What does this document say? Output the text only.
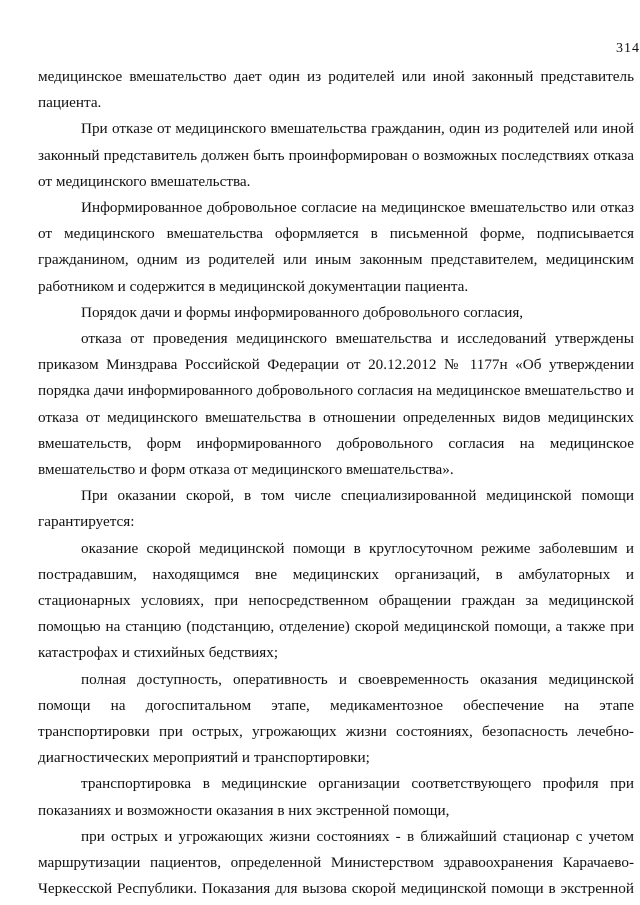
314

медицинское вмешательство дает один из родителей или иной законный представитель пациента.

При отказе от медицинского вмешательства гражданин, один из родителей или иной законный представитель должен быть проинформирован о возможных последствиях отказа от медицинского вмешательства.

Информированное добровольное согласие на медицинское вмешательство или отказ от медицинского вмешательства оформляется в письменной форме, подписывается гражданином, одним из родителей или иным законным представителем, медицинским работником и содержится в медицинской документации пациента.

Порядок дачи и формы информированного добровольного согласия,

отказа от проведения медицинского вмешательства и исследований утверждены приказом Минздрава Российской Федерации от 20.12.2012 № 1177н «Об утверждении порядка дачи информированного добровольного согласия на медицинское вмешательство и отказа от медицинского вмешательства в отношении определенных видов медицинских вмешательств, форм информированного добровольного согласия на медицинское вмешательство и форм отказа от медицинского вмешательства».

При оказании скорой, в том числе специализированной медицинской помощи гарантируется:

оказание скорой медицинской помощи в круглосуточном режиме заболевшим и пострадавшим, находящимся вне медицинских организаций, в амбулаторных и стационарных условиях, при непосредственном обращении граждан за медицинской помощью на станцию (подстанцию, отделение) скорой медицинской помощи, а также при катастрофах и стихийных бедствиях;

полная доступность, оперативность и своевременность оказания медицинской помощи на догоспитальном этапе, медикаментозное обеспечение на этапе транспортировки при острых, угрожающих жизни состояниях, безопасность лечебно-диагностических мероприятий и транспортировки;

транспортировка в медицинские организации соответствующего профиля при показаниях и возможности оказания в них экстренной помощи,

при острых и угрожающих жизни состояниях - в ближайший стационар с учетом маршрутизации пациентов, определенной Министерством здравоохранения Карачаево-Черкесской Республики. Показания для вызова скорой медицинской помощи в экстренной
